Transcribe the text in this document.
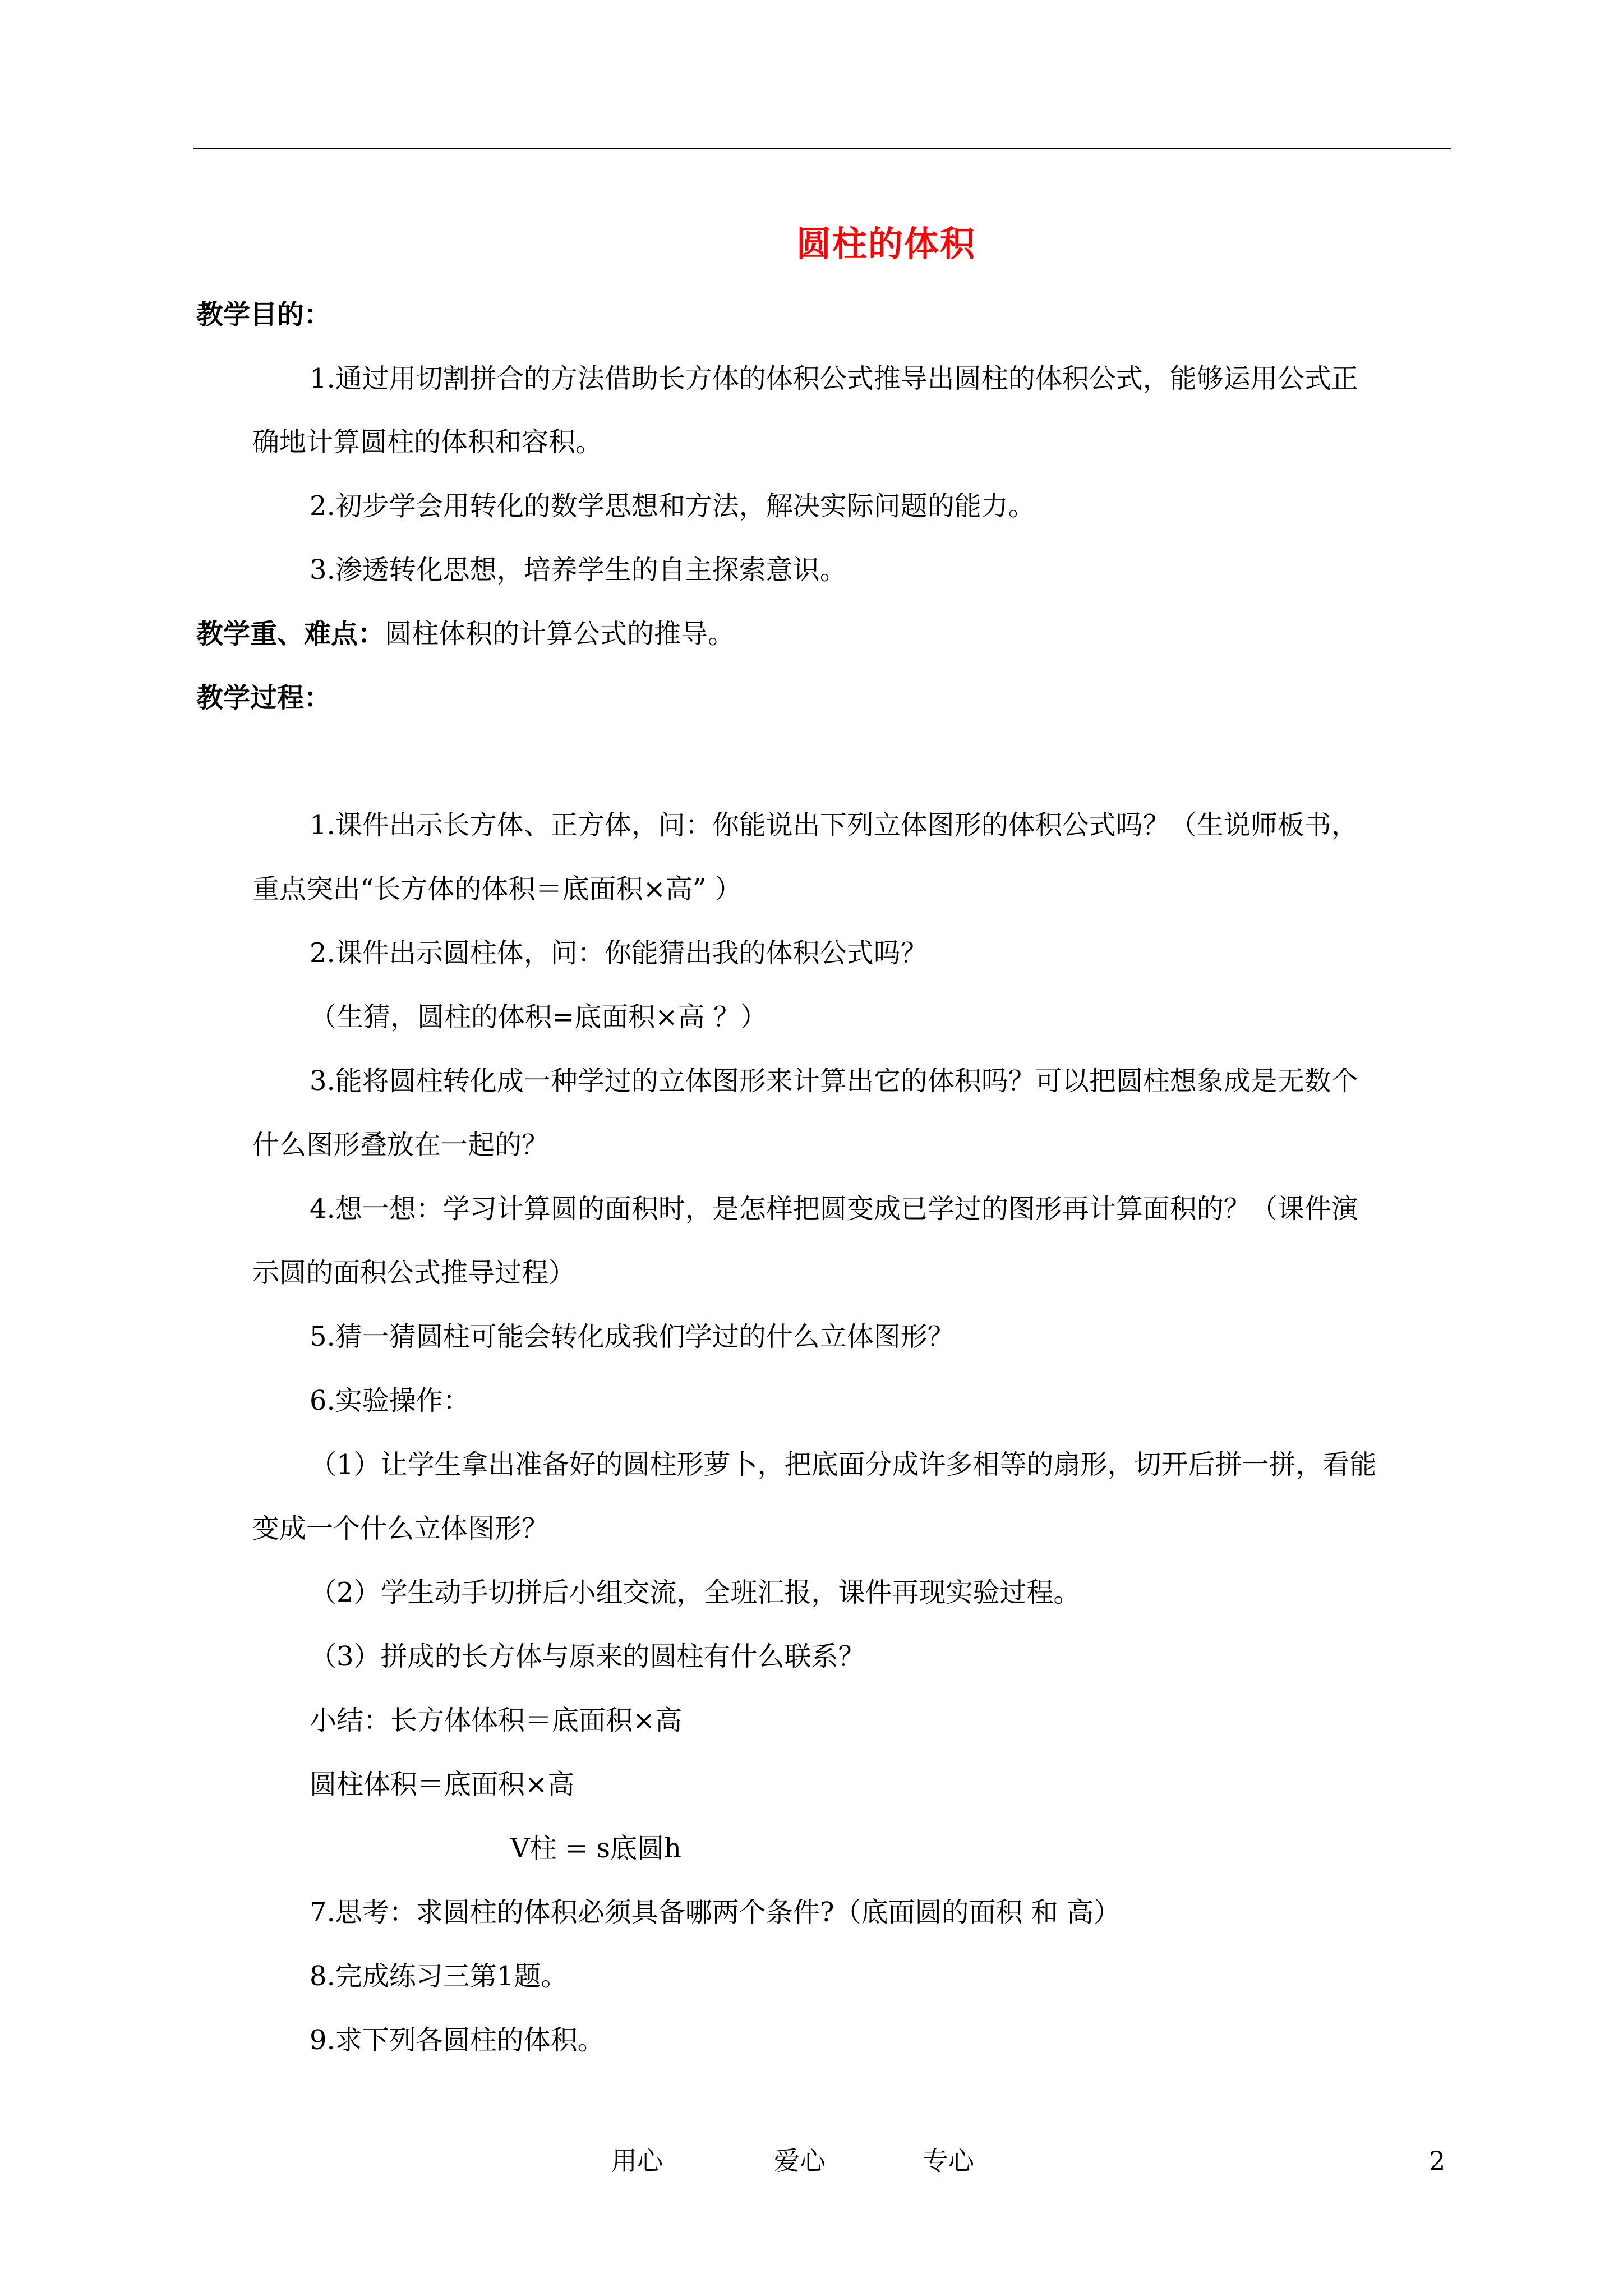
圆柱的体积
教学目的：
1.通过用切割拼合的方法借助长方体的体积公式推导出圆柱的体积公式，能够运用公式正
确地计算圆柱的体积和容积。
2.初步学会用转化的数学思想和方法，解决实际问题的能力。
3.渗透转化思想，培养学生的自主探索意识。
教学重、难点：圆柱体积的计算公式的推导。
教学过程：
1.课件出示长方体、正方体，问：你能说出下列立体图形的体积公式吗？（生说师板书，
重点突出“长方体的体积＝底面积×高” ）
2.课件出示圆柱体，问：你能猜出我的体积公式吗？
（生猜，圆柱的体积=底面积×高 ？）
3.能将圆柱转化成一种学过的立体图形来计算出它的体积吗？可以把圆柱想象成是无数个
什么图形叠放在一起的？
4.想一想：学习计算圆的面积时，是怎样把圆变成已学过的图形再计算面积的？（课件演
示圆的面积公式推导过程）
5.猜一猜圆柱可能会转化成我们学过的什么立体图形？
6.实验操作：
（1）让学生拿出准备好的圆柱形萝卜，把底面分成许多相等的扇形，切开后拼一拼，看能
变成一个什么立体图形？
（2）学生动手切拼后小组交流，全班汇报，课件再现实验过程。
（3）拼成的长方体与原来的圆柱有什么联系？
小结：长方体体积＝底面积×高
圆柱体积＝底面积×高
V柱 = s底圆h
7.思考：求圆柱的体积必须具备哪两个条件?（底面圆的面积 和 高）
8.完成练习三第1题。
9.求下列各圆柱的体积。
用心	爱心	专心	2
